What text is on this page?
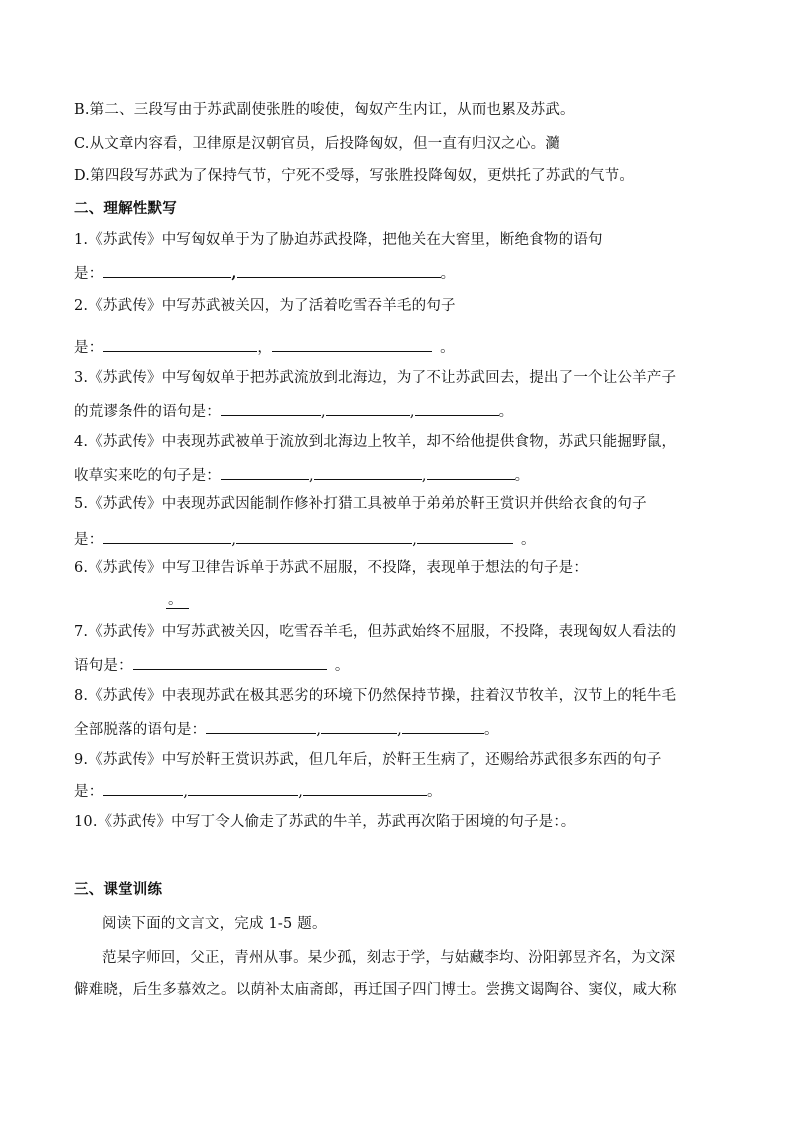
B.第二、三段写由于苏武副使张胜的唆使，匈奴产生内讧，从而也累及苏武。
C.从文章内容看，卫律原是汉朝官员，后投降匈奴，但一直有归汉之心。瀡
D.第四段写苏武为了保持气节，宁死不受辱，写张胜投降匈奴，更烘托了苏武的气节。
二、理解性默写
1.《苏武传》中写匈奴单于为了胁迫苏武投降，把他关在大窖里，断绝食物的语句
是：	,	。
2.《苏武传》中写苏武被关囚，为了活着吃雪吞羊毛的句子
是：	，	。
3.《苏武传》中写匈奴单于把苏武流放到北海边，为了不让苏武回去，提出了一个让公羊产子
的荒谬条件的语句是：	,	,	。
4.《苏武传》中表现苏武被单于流放到北海边上牧羊，却不给他提供食物，苏武只能掘野鼠，
收草实来吃的句子是：	,	,	。
5.《苏武传》中表现苏武因能制作修补打猎工具被单于弟弟於靬王赏识并供给衣食的句子
是：	,	,	。
6.《苏武传》中写卫律告诉单于苏武不屈服，不投降，表现单于想法的句子是：
。
7.《苏武传》中写苏武被关囚，吃雪吞羊毛，但苏武始终不屈服，不投降，表现匈奴人看法的
语句是：	。
8.《苏武传》中表现苏武在极其恶劣的环境下仍然保持节操，拄着汉节牧羊，汉节上的牦牛毛
全部脱落的语句是：	,	,	。
9.《苏武传》中写於靬王赏识苏武，但几年后，於靬王生病了，还赐给苏武很多东西的句子
是：	,	,	。
10.《苏武传》中写丁令人偷走了苏武的牛羊，苏武再次陷于困境的句子是：。
三、课堂训练
阅读下面的文言文，完成 1-5 题。
范杲字师回，父正，青州从事。杲少孤，刻志于学，与姑藏李均、汾阳郭昱齐名，为文深
僻难晓，后生多慕效之。以荫补太庙斋郎，再迁国子四门博士。尝携文谒陶谷、窦仪，咸大称
